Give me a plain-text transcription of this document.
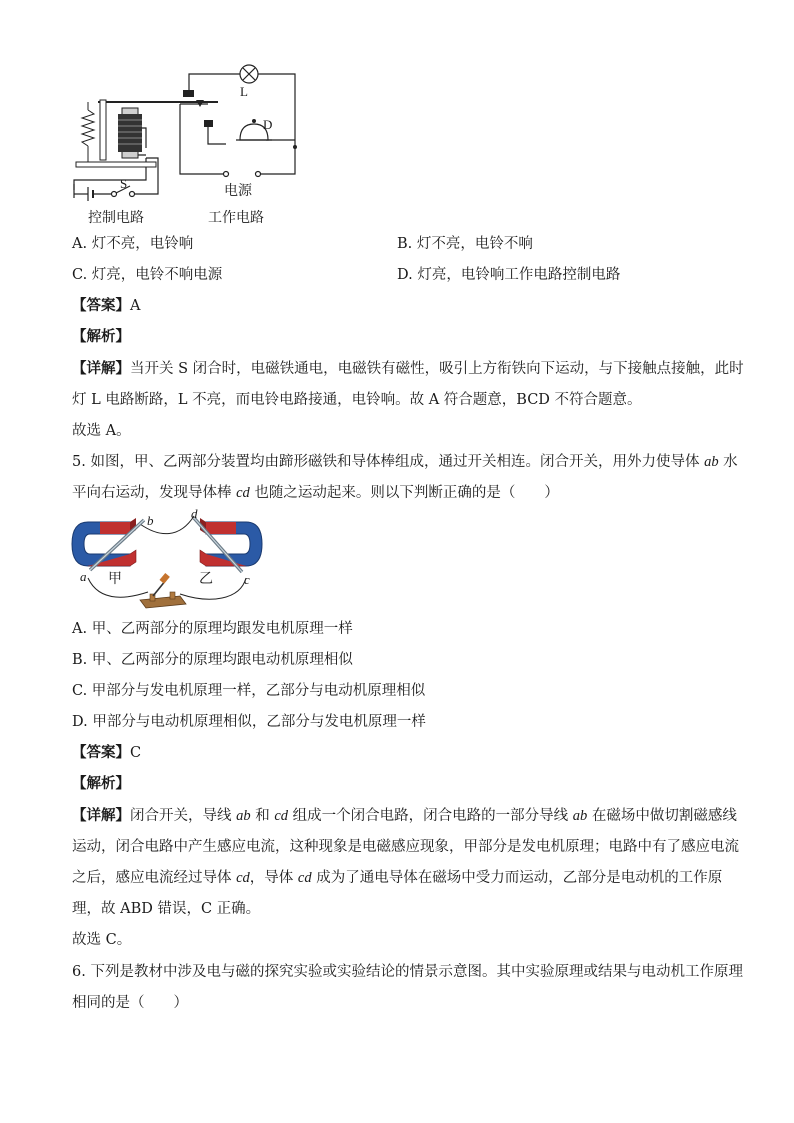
L
D
S	电源
控制电路	工作电路
A. 灯不亮，电铃响	B. 灯不亮，电铃不响
C. 灯亮，电铃不响电源	D. 灯亮，电铃响工作电路控制电路
【答案】A
【解析】
【详解】当开关 S 闭合时，电磁铁通电，电磁铁有磁性，吸引上方衔铁向下运动，与下接触点接触，此时
灯 L 电路断路，L 不亮，而电铃电路接通，电铃响。故 A 符合题意，BCD 不符合题意。
故选 A。
5. 如图，甲、乙两部分装置均由蹄形磁铁和导体棒组成，通过开关相连。闭合开关，用外力使导体 ab 水
平向右运动，发现导体棒 cd 也随之运动起来。则以下判断正确的是（　　）
a
b
c
d
甲	乙
A. 甲、乙两部分的原理均跟发电机原理一样
B. 甲、乙两部分的原理均跟电动机原理相似
C. 甲部分与发电机原理一样，乙部分与电动机原理相似
D. 甲部分与电动机原理相似，乙部分与发电机原理一样
【答案】C
【解析】
【详解】闭合开关，导线 ab 和 cd 组成一个闭合电路，闭合电路的一部分导线 ab 在磁场中做切割磁感线
运动，闭合电路中产生感应电流，这种现象是电磁感应现象，甲部分是发电机原理；电路中有了感应电流
之后，感应电流经过导体 cd，导体 cd 成为了通电导体在磁场中受力而运动，乙部分是电动机的工作原
理，故 ABD 错误，C 正确。
故选 C。
6. 下列是教材中涉及电与磁的探究实验或实验结论的情景示意图。其中实验原理或结果与电动机工作原理
相同的是（　　）
